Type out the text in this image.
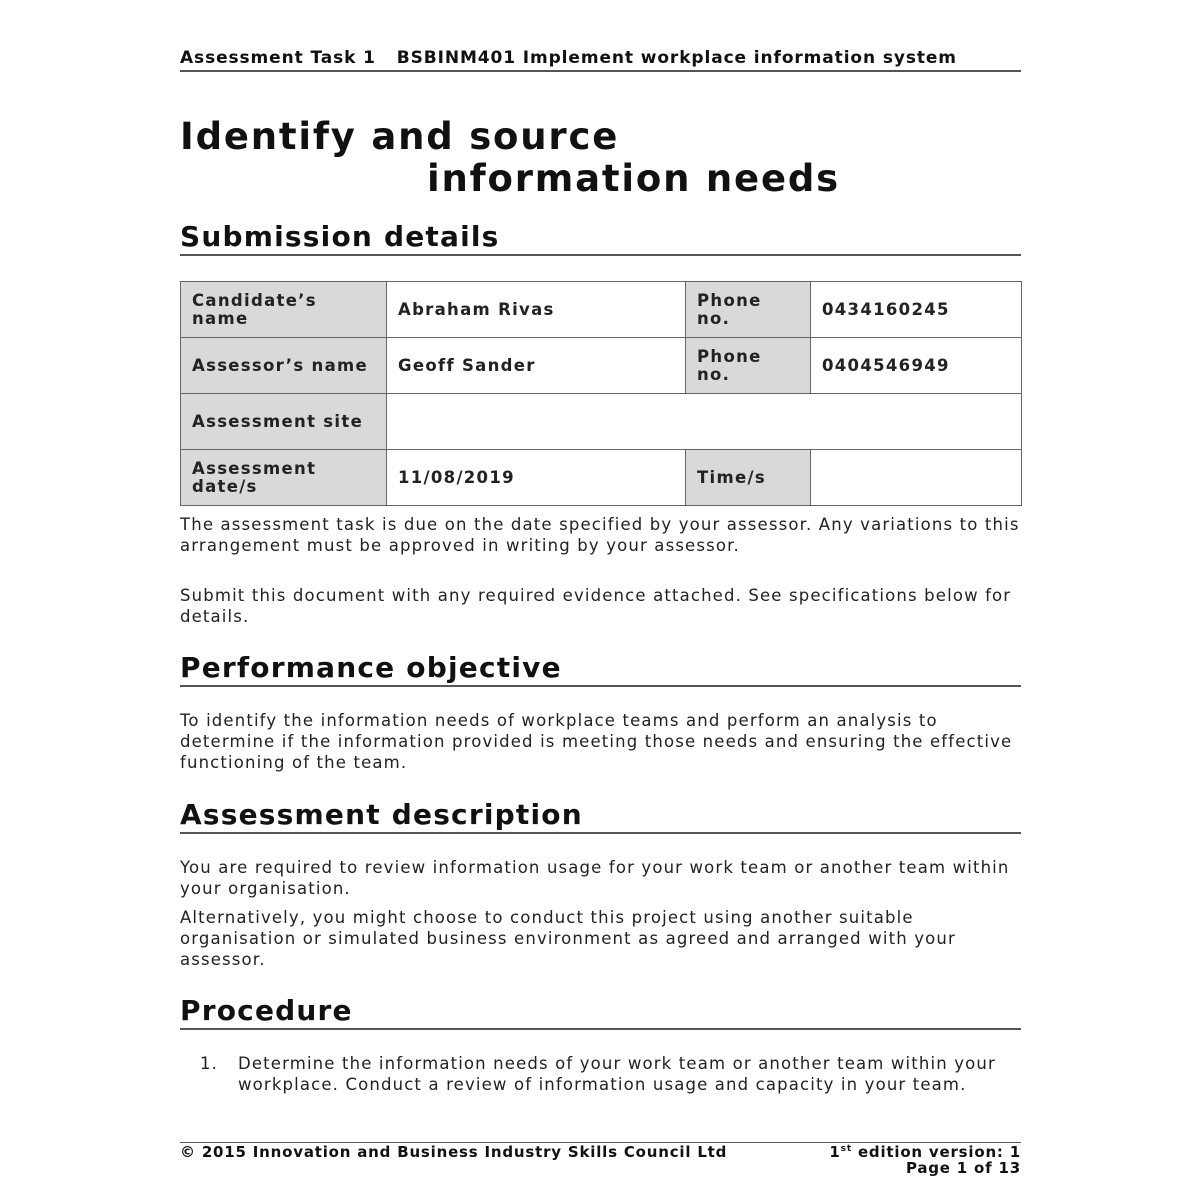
Assessment Task 1 BSBINM401 Implement workplace information system
Identify and source
information needs
Submission details
Candidate’s name	Abraham Rivas	Phone no.	0434160245
Assessor’s name	Geoff Sander	Phone no.	0404546949
Assessment site			
Assessment date/s	11/08/2019	Time/s	

The assessment task is due on the date specified by your assessor. Any variations to this arrangement must be approved in writing by your assessor.

Submit this document with any required evidence attached. See specifications below for details.

Performance objective

To identify the information needs of workplace teams and perform an analysis to determine if the information provided is meeting those needs and ensuring the effective functioning of the team.

Assessment description

You are required to review information usage for your work team or another team within your organisation.

Alternatively, you might choose to conduct this project using another suitable organisation or simulated business environment as agreed and arranged with your assessor.

Procedure
1. Determine the information needs of your work team or another team within your workplace. Conduct a review of information usage and capacity in your team.
© 2015 Innovation and Business Industry Skills Council Ltd	1st edition version: 1
Page 1 of 13
